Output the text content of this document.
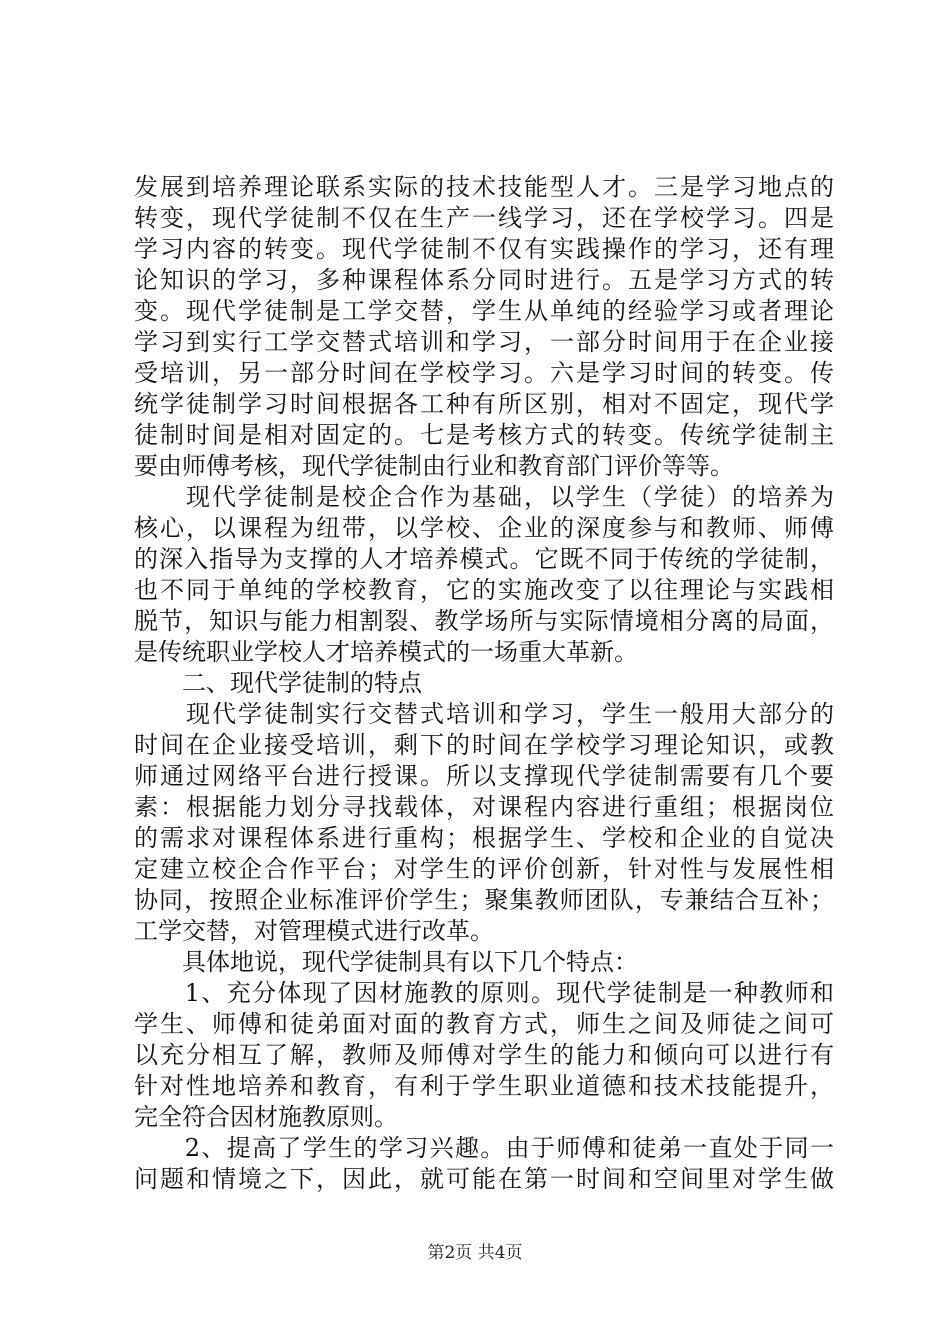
发展到培养理论联系实际的技术技能型人才。三是学习地点的
转变，现代学徒制不仅在生产一线学习，还在学校学习。四是
学习内容的转变。现代学徒制不仅有实践操作的学习，还有理
论知识的学习，多种课程体系分同时进行。五是学习方式的转
变。现代学徒制是工学交替，学生从单纯的经验学习或者理论
学习到实行工学交替式培训和学习，一部分时间用于在企业接
受培训，另一部分时间在学校学习。六是学习时间的转变。传
统学徒制学习时间根据各工种有所区别，相对不固定，现代学
徒制时间是相对固定的。七是考核方式的转变。传统学徒制主
要由师傅考核，现代学徒制由行业和教育部门评价等等。
　　现代学徒制是校企合作为基础，以学生（学徒）的培养为
核心，以课程为纽带，以学校、企业的深度参与和教师、师傅
的深入指导为支撑的人才培养模式。它既不同于传统的学徒制，
也不同于单纯的学校教育，它的实施改变了以往理论与实践相
脱节，知识与能力相割裂、教学场所与实际情境相分离的局面，
是传统职业学校人才培养模式的一场重大革新。
　　二、现代学徒制的特点
　　现代学徒制实行交替式培训和学习，学生一般用大部分的
时间在企业接受培训，剩下的时间在学校学习理论知识，或教
师通过网络平台进行授课。所以支撑现代学徒制需要有几个要
素：根据能力划分寻找载体，对课程内容进行重组；根据岗位
的需求对课程体系进行重构；根据学生、学校和企业的自觉决
定建立校企合作平台；对学生的评价创新，针对性与发展性相
协同，按照企业标准评价学生；聚集教师团队，专兼结合互补；
工学交替，对管理模式进行改革。
　　具体地说，现代学徒制具有以下几个特点：
　　1、充分体现了因材施教的原则。现代学徒制是一种教师和
学生、师傅和徒弟面对面的教育方式，师生之间及师徒之间可
以充分相互了解，教师及师傅对学生的能力和倾向可以进行有
针对性地培养和教育，有利于学生职业道德和技术技能提升，
完全符合因材施教原则。
　　2、提高了学生的学习兴趣。由于师傅和徒弟一直处于同一
问题和情境之下，因此，就可能在第一时间和空间里对学生做
第2页 共4页
